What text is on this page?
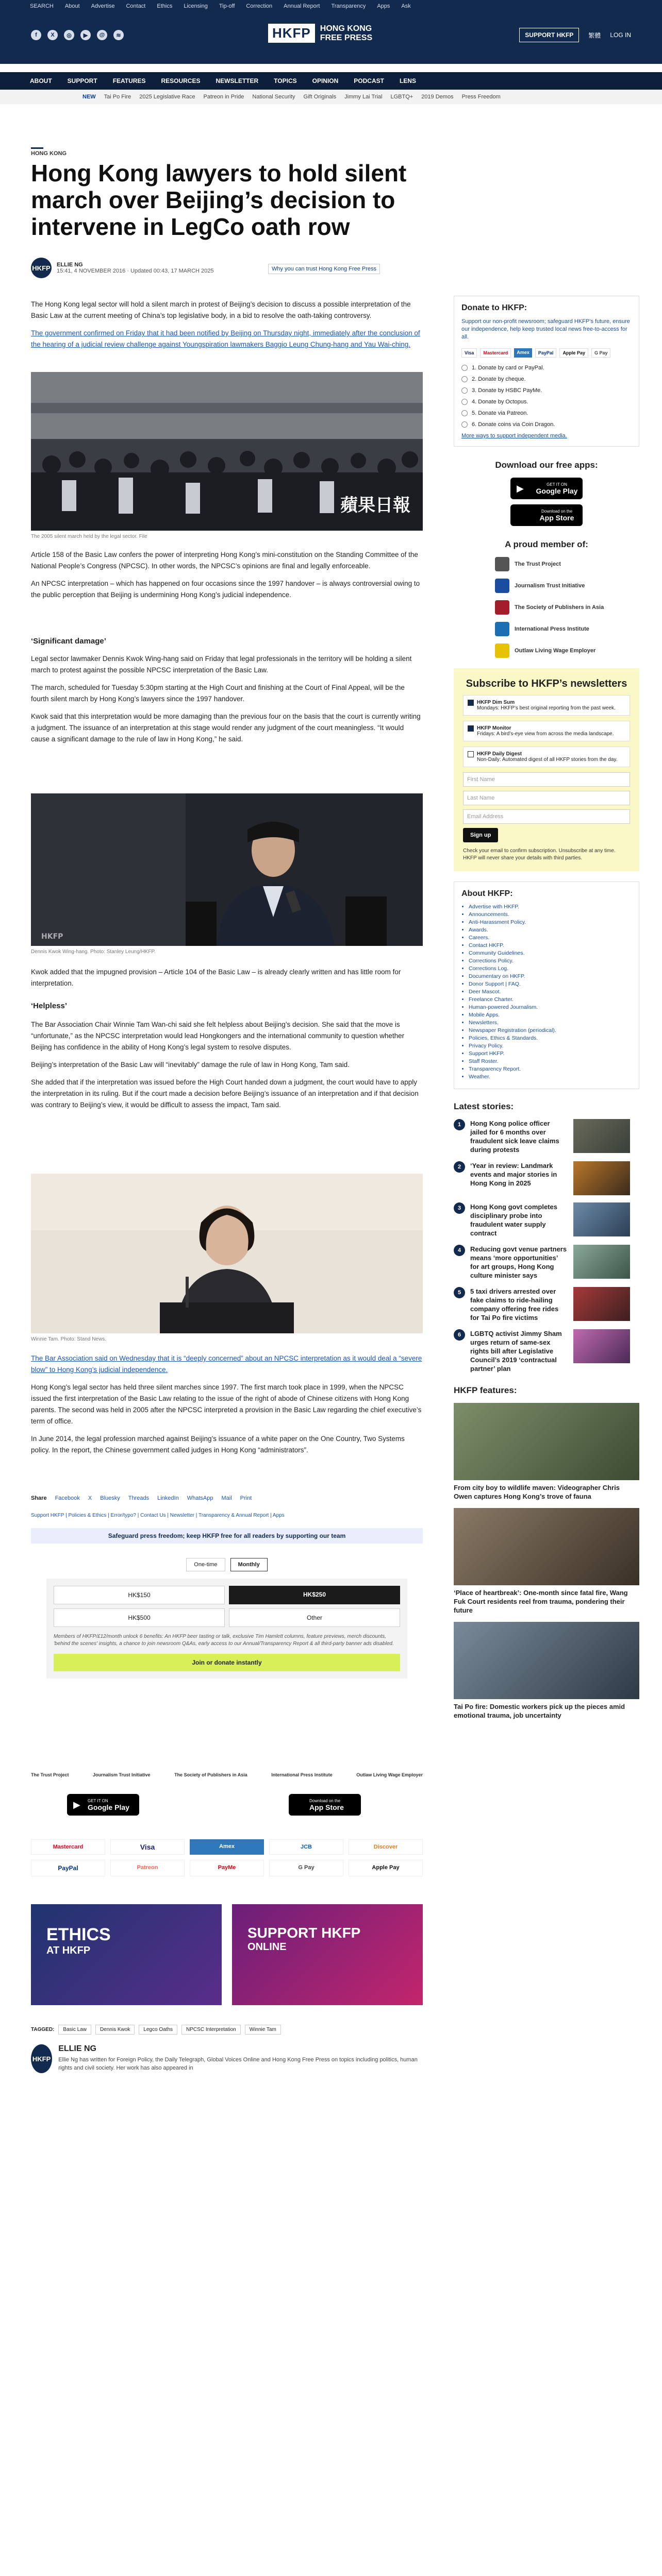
SEARCH About Advertise Contact Ethics Licensing Tip-off Correction Annual Report Transparency Apps Ask
f	X	◎	▶	@	≋	HKFP	HONG KONG
FREE PRESS	SUPPORT HKFP	繁體 LOG IN
ABOUT	SUPPORT	FEATURES	RESOURCES	NEWSLETTER	TOPICS	OPINION	PODCAST	LENS
NEW Tai Po Fire 2025 Legislative Race Patreon in Pride National Security Gift Originals Jimmy Lai Trial LGBTQ+ 2019 Demos Press Freedom
HONG KONG
Hong Kong lawyers to hold silent march over Beijing’s decision to intervene in LegCo oath row
HKFP ELLIE NG
15:41, 4 NOVEMBER 2016 · Updated 00:43, 17 MARCH 2025	Why you can trust Hong Kong Free Press

The Hong Kong legal sector will hold a silent march in protest of Beijing’s decision to discuss a possible interpretation of the Basic Law at the current meeting of China’s top legislative body, in a bid to resolve the oath-taking controversy.

The government confirmed on Friday that it had been notified by Beijing on Thursday night, immediately after the conclusion of the hearing of a judicial review challenge against Youngspiration lawmakers Baggio Leung Chung-hang and Yau Wai-ching.

蘋果日報
The 2005 silent march held by the legal sector. File

Article 158 of the Basic Law confers the power of interpreting Hong Kong’s mini-constitution on the Standing Committee of the National People’s Congress (NPCSC). In other words, the NPCSC’s opinions are final and legally enforceable.

An NPCSC interpretation – which has happened on four occasions since the 1997 handover – is always controversial owing to the public perception that Beijing is undermining Hong Kong’s judicial independence.

‘Significant damage’

Legal sector lawmaker Dennis Kwok Wing-hang said on Friday that legal professionals in the territory will be holding a silent march to protest against the possible NPCSC interpretation of the Basic Law.

The march, scheduled for Tuesday 5:30pm starting at the High Court and finishing at the Court of Final Appeal, will be the fourth silent march by Hong Kong’s lawyers since the 1997 handover.

Kwok said that this interpretation would be more damaging than the previous four on the basis that the court is currently writing a judgment. The issuance of an interpretation at this stage would render any judgment of the court meaningless. “It would cause a significant damage to the rule of law in Hong Kong,” he said.

HKFP
Dennis Kwok Wing-hang. Photo: Stanley Leung/HKFP.

Kwok added that the impugned provision – Article 104 of the Basic Law – is already clearly written and has little room for interpretation.

‘Helpless’

The Bar Association Chair Winnie Tam Wan-chi said she felt helpless about Beijing’s decision. She said that the move is “unfortunate,” as the NPCSC interpretation would lead Hongkongers and the international community to question whether Beijing has confidence in the ability of Hong Kong’s legal system to resolve disputes.

Beijing’s interpretation of the Basic Law will “inevitably” damage the rule of law in Hong Kong, Tam said.

She added that if the interpretation was issued before the High Court handed down a judgment, the court would have to apply the interpretation in its ruling. But if the court made a decision before Beijing’s issuance of an interpretation and if that decision was contrary to Beijing’s view, it would be difficult to assess the impact, Tam said.

Winnie Tam. Photo: Stand News.

The Bar Association said on Wednesday that it is “deeply concerned” about an NPCSC interpretation as it would deal a “severe blow” to Hong Kong’s judicial independence.

Hong Kong’s legal sector has held three silent marches since 1997. The first march took place in 1999, when the NPCSC issued the first interpretation of the Basic Law relating to the issue of the right of abode of Chinese citizens with Hong Kong parents. The second was held in 2005 after the NPCSC interpreted a provision in the Basic Law regarding the chief executive’s term of office.

In June 2014, the legal profession marched against Beijing’s issuance of a white paper on the One Country, Two Systems policy. In the report, the Chinese government called judges in Hong Kong “administrators”.

Share Facebook X Bluesky Threads LinkedIn WhatsApp Mail Print
Support HKFP | Policies & Ethics | Error/typo? | Contact Us | Newsletter | Transparency & Annual Report | Apps
Safeguard press freedom; keep HKFP free for all readers by supporting our team
One-time	Monthly
HK$150	HK$250
HK$500	Other

Members of HKFP/£12/month unlock 6 benefits: An HKFP beer tasting or talk, exclusive Tim Hamlett columns, feature previews, merch discounts, 'behind the scenes' insights, a chance to join newsroom Q&As, early access to our Annual/Transparency Report & all third-party banner ads disabled.

Join or donate instantly
The Trust Project	Journalism Trust Initiative	The Society of Publishers in Asia	International Press Institute	Outlaw Living Wage Employer
▶ GET IT ON
Google Play
Download on the
App Store
Mastercard	Visa	Amex	JCB	Discover
PayPal	Patreon	PayMe	G Pay	Apple Pay
ETHICS
AT HKFP
SUPPORT HKFP
ONLINE
TAGGED:	Basic Law	Dennis Kwok	Legco Oaths	NPCSC Interpretation	Winnie Tam
HKFP
ELLIE NG
Ellie Ng has written for Foreign Policy, the Daily Telegraph, Global Voices Online and Hong Kong Free Press on topics including politics, human rights and civil society. Her work has also appeared in
Donate to HKFP:

Support our non-profit newsroom; safeguard HKFP’s future, ensure our independence, help keep trusted local news free-to-access for all.

Visa	Mastercard	Amex	PayPal	Apple Pay	G Pay
1. Donate by card or PayPal.
2. Donate by cheque.
3. Donate by HSBC PayMe.
4. Donate by Octopus.
5. Donate via Patreon.
6. Donate coins via Coin Dragon.

More ways to support independent media.

Download our free apps:
▶	GET IT ON
Google Play
Download on the
App Store
A proud member of:
The Trust Project
Journalism Trust Initiative
The Society of Publishers in Asia
International Press Institute
Outlaw Living Wage Employer
Subscribe to HKFP’s newsletters
HKFP Dim Sum
Mondays: HKFP’s best original reporting from the past week.
HKFP Monitor
Fridays: A bird’s-eye view from across the media landscape.
HKFP Daily Digest
Non-Daily: Automated digest of all HKFP stories from the day.
First Name
Last Name
Email Address
Sign up

Check your email to confirm subscription. Unsubscribe at any time. HKFP will never share your details with third parties.

About HKFP:
• Advertise with HKFP.
• Announcements.
• Anti-Harassment Policy.
• Awards.
• Careers.
• Contact HKFP.
• Community Guidelines.
• Corrections Policy.
• Corrections Log.
• Documentary on HKFP.
• Donor Support | FAQ.
• Deer Mascot.
• Freelance Charter.
• Human-powered Journalism.
• Mobile Apps.
• Newsletters.
• Newspaper Registration (periodical).
• Policies, Ethics & Standards.
• Privacy Policy.
• Support HKFP.
• Staff Roster.
• Transparency Report.
• Weather.
Latest stories:
1	Hong Kong police officer jailed for 6 months over fraudulent sick leave claims during protests
2	‘Year in review: Landmark events and major stories in Hong Kong in 2025
3	Hong Kong govt completes disciplinary probe into fraudulent water supply contract
4	Reducing govt venue partners means ‘more opportunities’ for art groups, Hong Kong culture minister says
5	5 taxi drivers arrested over fake claims to ride-hailing company offering free rides for Tai Po fire victims
6	LGBTQ activist Jimmy Sham urges return of same-sex rights bill after Legislative Council’s 2019 ‘contractual partner’ plan
HKFP features:
From city boy to wildlife maven: Videographer Chris Owen captures Hong Kong’s trove of fauna
‘Place of heartbreak’: One-month since fatal fire, Wang Fuk Court residents reel from trauma, pondering their future
Tai Po fire: Domestic workers pick up the pieces amid emotional trauma, job uncertainty
